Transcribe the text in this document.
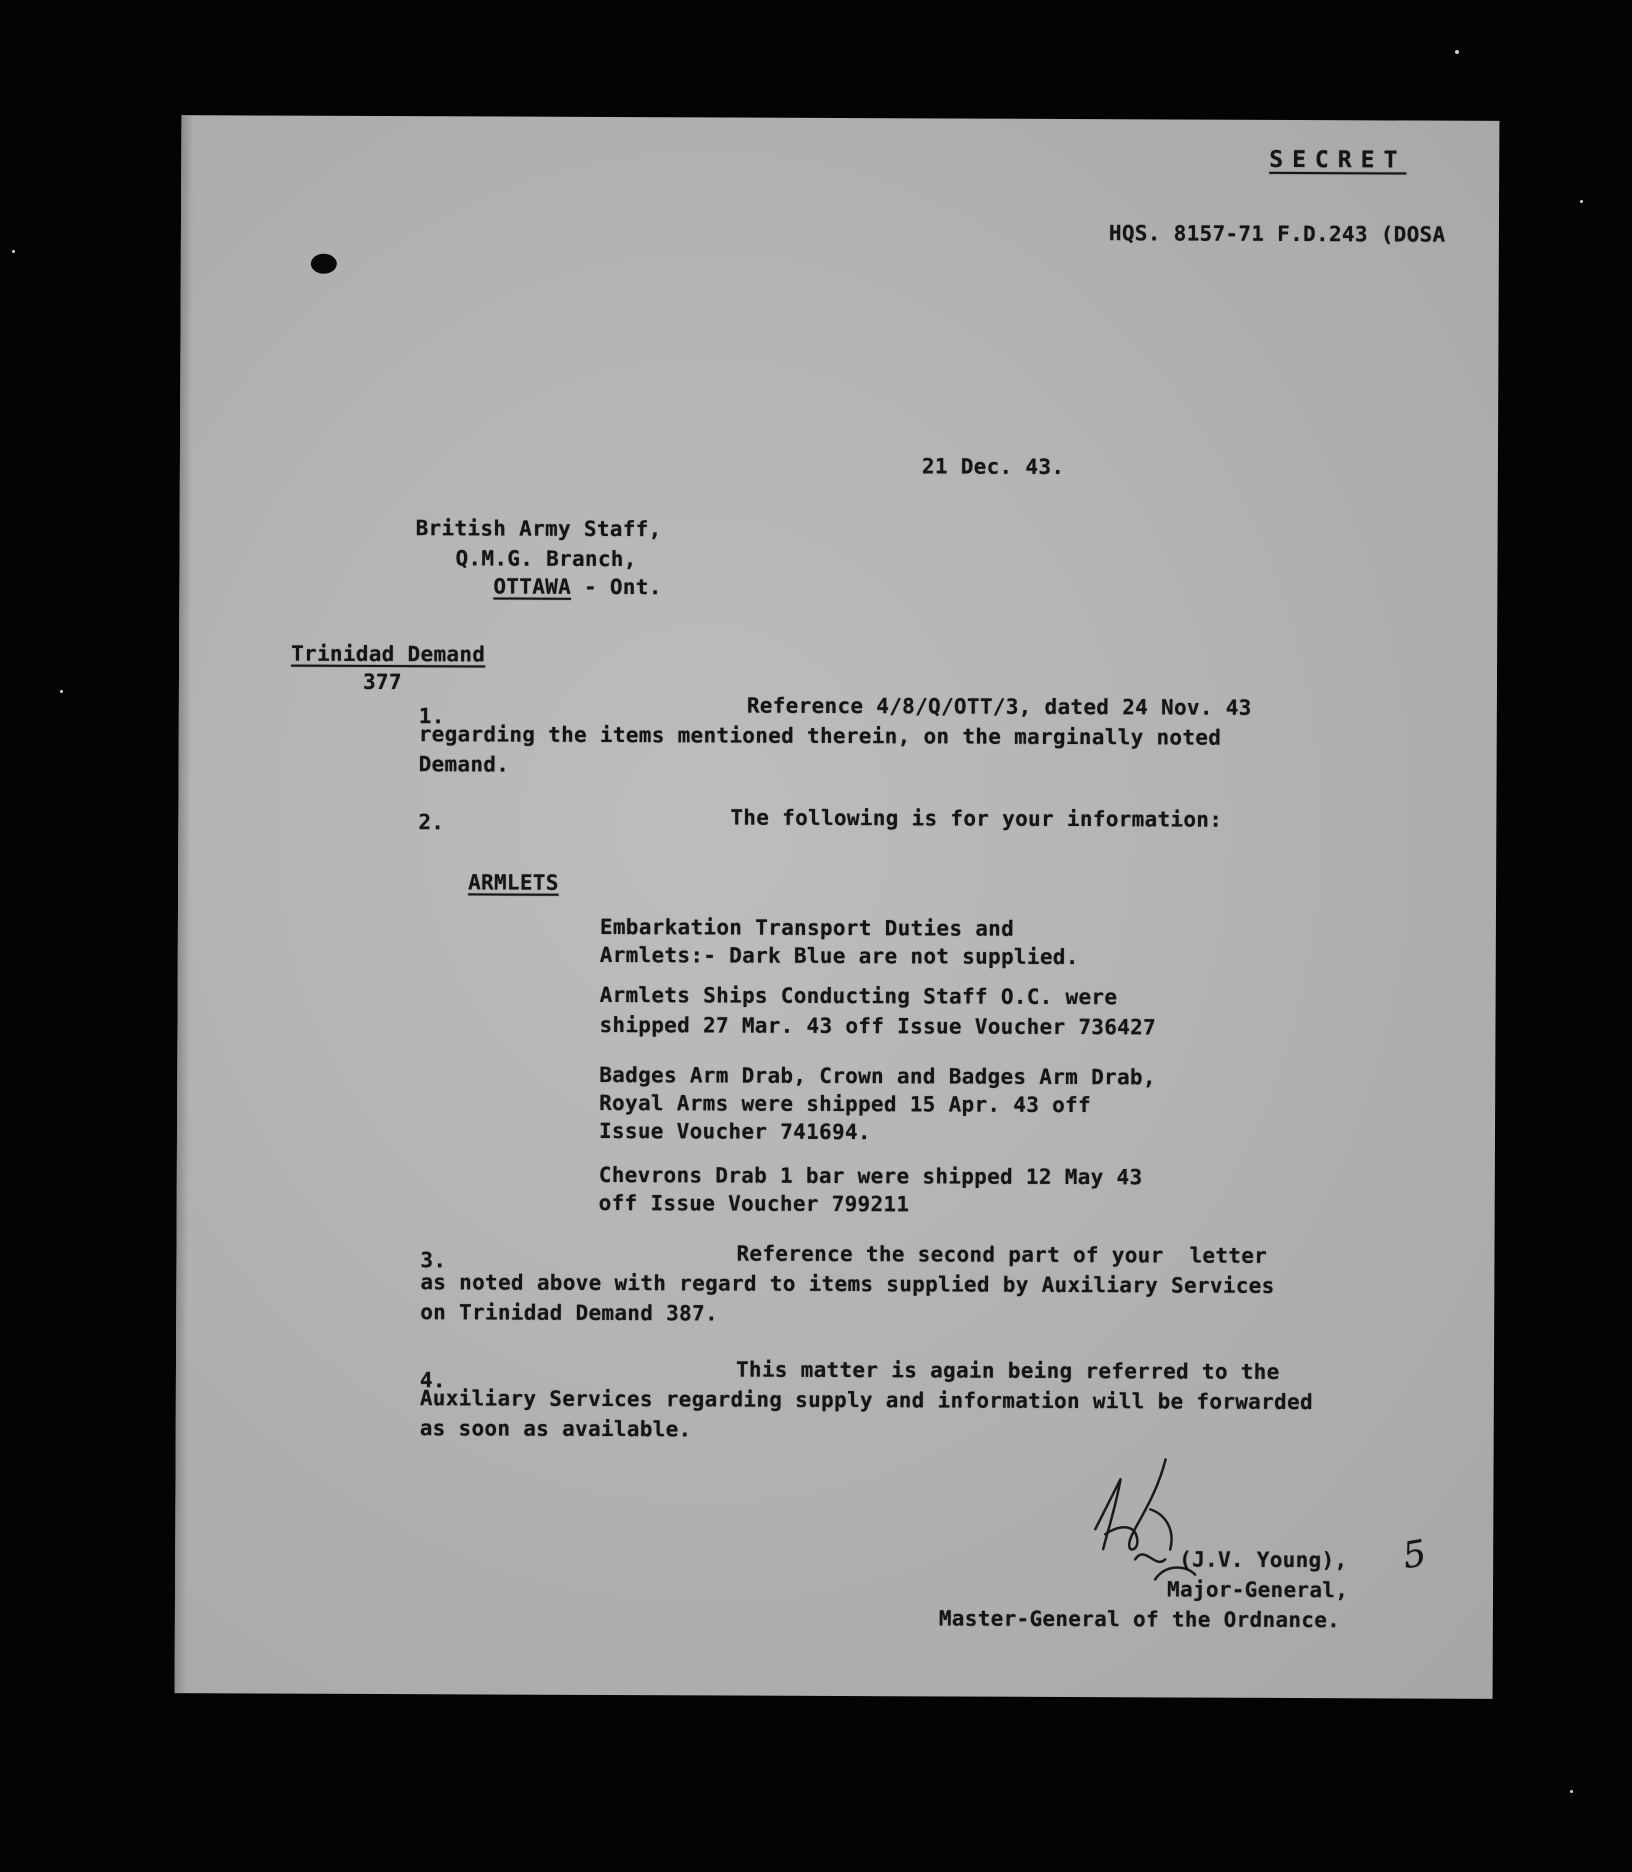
SECRET
HQS. 8157-71 F.D.243 (DOSA
21 Dec. 43.
British Army Staff,
Q.M.G. Branch,
OTTAWA - Ont.
Trinidad Demand
377
1.	Reference 4/8/Q/OTT/3, dated 24 Nov. 43
regarding the items mentioned therein, on the marginally noted
Demand.
2.	The following is for your information:
ARMLETS
Embarkation Transport Duties and
Armlets:- Dark Blue are not supplied.
Armlets Ships Conducting Staff O.C. were
shipped 27 Mar. 43 off Issue Voucher 736427
Badges Arm Drab, Crown and Badges Arm Drab,
Royal Arms were shipped 15 Apr. 43 off
Issue Voucher 741694.
Chevrons Drab 1 bar were shipped 12 May 43
off Issue Voucher 799211
3.	Reference the second part of your  letter
as noted above with regard to items supplied by Auxiliary Services
on Trinidad Demand 387.
4.	This matter is again being referred to the
Auxiliary Services regarding supply and information will be forwarded
as soon as available.
(J.V. Young),
Major-General,
Master-General of the Ordnance.
5
